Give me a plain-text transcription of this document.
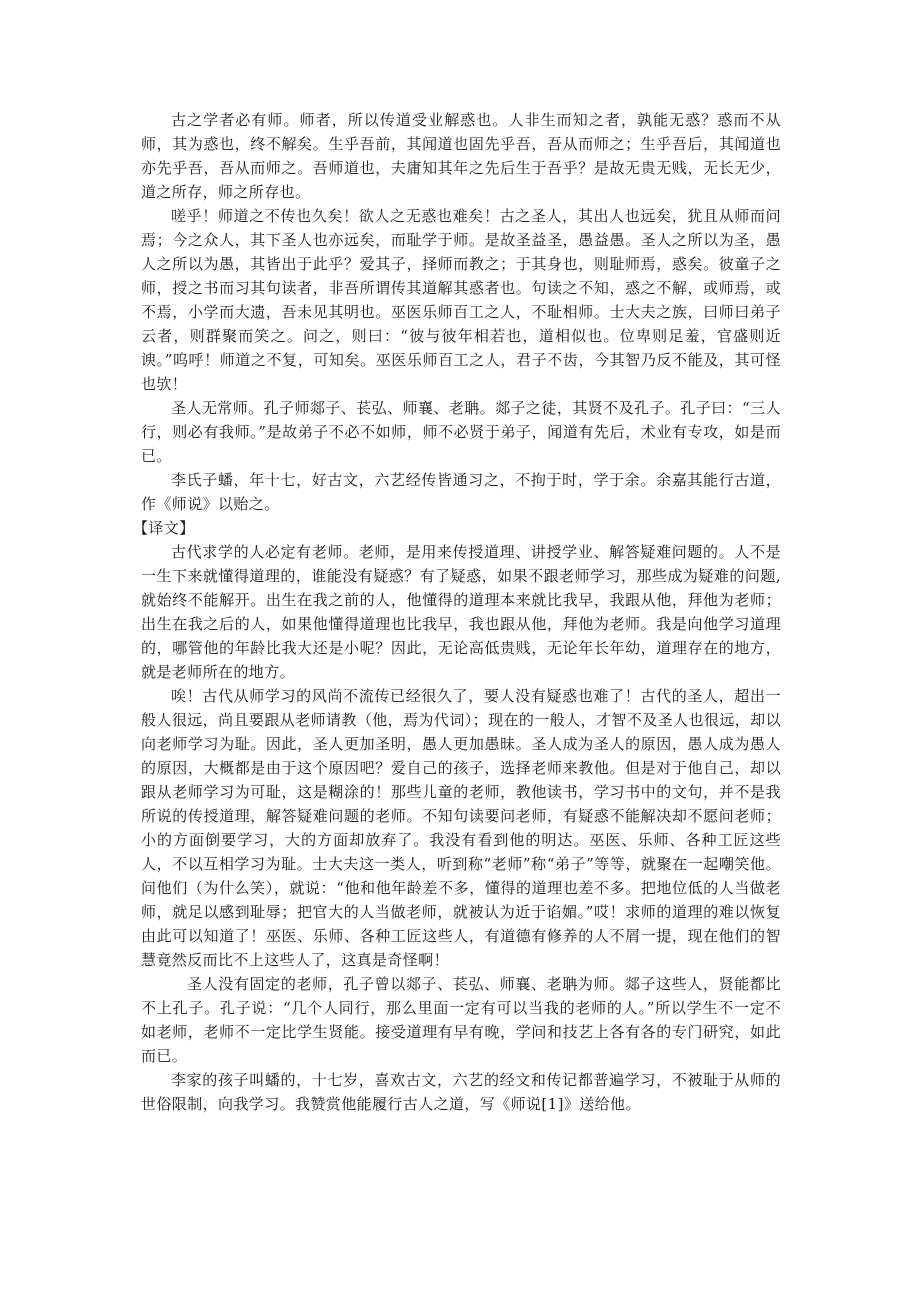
古之学者必有师。师者，所以传道受业解惑也。人非生而知之者，孰能无惑？惑而不从师，其为惑也，终不解矣。生乎吾前，其闻道也固先乎吾，吾从而师之；生乎吾后，其闻道也亦先乎吾，吾从而师之。吾师道也，夫庸知其年之先后生于吾乎？是故无贵无贱，无长无少，道之所存，师之所存也。

嗟乎！师道之不传也久矣！欲人之无惑也难矣！古之圣人，其出人也远矣，犹且从师而问焉；今之众人，其下圣人也亦远矣，而耻学于师。是故圣益圣，愚益愚。圣人之所以为圣，愚人之所以为愚，其皆出于此乎？爱其子，择师而教之；于其身也，则耻师焉，惑矣。彼童子之师，授之书而习其句读者，非吾所谓传其道解其惑者也。句读之不知，惑之不解，或师焉，或不焉，小学而大遗，吾未见其明也。巫医乐师百工之人，不耻相师。士大夫之族，曰师曰弟子云者，则群聚而笑之。问之，则曰：“彼与彼年相若也，道相似也。位卑则足羞，官盛则近谀。”呜呼！师道之不复，可知矣。巫医乐师百工之人，君子不齿，今其智乃反不能及，其可怪也欤！

圣人无常师。孔子师郯子、苌弘、师襄、老聃。郯子之徒，其贤不及孔子。孔子曰：“三人行，则必有我师。”是故弟子不必不如师，师不必贤于弟子，闻道有先后，术业有专攻，如是而已。

李氏子蟠，年十七，好古文，六艺经传皆通习之，不拘于时，学于余。余嘉其能行古道，作《师说》以贻之。

【译文】

古代求学的人必定有老师。老师，是用来传授道理、讲授学业、解答疑难问题的。人不是一生下来就懂得道理的，谁能没有疑惑？有了疑惑，如果不跟老师学习，那些成为疑难的问题,就始终不能解开。出生在我之前的人，他懂得的道理本来就比我早，我跟从他，拜他为老师；出生在我之后的人，如果他懂得道理也比我早，我也跟从他，拜他为老师。我是向他学习道理的，哪管他的年龄比我大还是小呢？因此，无论高低贵贱，无论年长年幼，道理存在的地方，就是老师所在的地方。

唉！古代从师学习的风尚不流传已经很久了，要人没有疑惑也难了！古代的圣人，超出一般人很远，尚且要跟从老师请教（他，焉为代词）；现在的一般人，才智不及圣人也很远，却以向老师学习为耻。因此，圣人更加圣明，愚人更加愚昧。圣人成为圣人的原因，愚人成为愚人的原因，大概都是由于这个原因吧？爱自己的孩子，选择老师来教他。但是对于他自己，却以跟从老师学习为可耻，这是糊涂的！那些儿童的老师，教他读书，学习书中的文句，并不是我所说的传授道理，解答疑难问题的老师。不知句读要问老师，有疑惑不能解决却不愿问老师；小的方面倒要学习，大的方面却放弃了。我没有看到他的明达。巫医、乐师、各种工匠这些人，不以互相学习为耻。士大夫这一类人，听到称“老师”称“弟子”等等，就聚在一起嘲笑他。问他们（为什么笑），就说：“他和他年龄差不多，懂得的道理也差不多。把地位低的人当做老师，就足以感到耻辱；把官大的人当做老师，就被认为近于谄媚。”哎！求师的道理的难以恢复由此可以知道了！巫医、乐师、各种工匠这些人，有道德有修养的人不屑一提，现在他们的智慧竟然反而比不上这些人了，这真是奇怪啊！

圣人没有固定的老师，孔子曾以郯子、苌弘、师襄、老聃为师。郯子这些人，贤能都比不上孔子。孔子说：“几个人同行，那么里面一定有可以当我的老师的人。”所以学生不一定不如老师，老师不一定比学生贤能。接受道理有早有晚，学问和技艺上各有各的专门研究，如此而已。

李家的孩子叫蟠的，十七岁，喜欢古文，六艺的经文和传记都普遍学习，不被耻于从师的世俗限制，向我学习。我赞赏他能履行古人之道，写《师说[1]》送给他。
